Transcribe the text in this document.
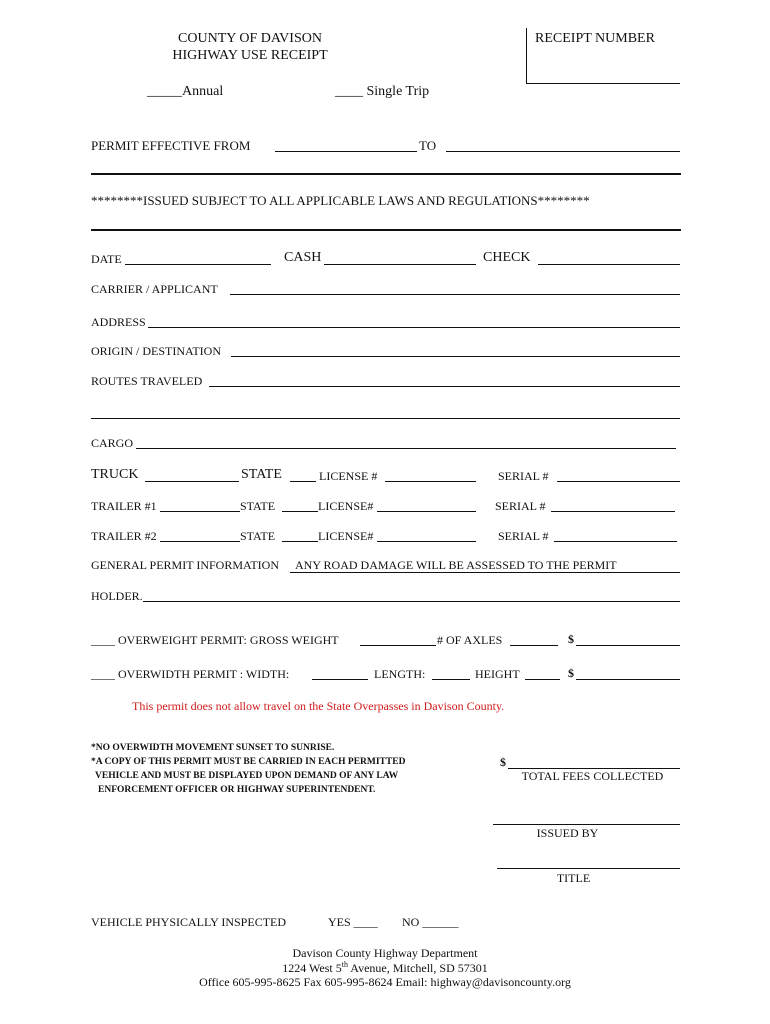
COUNTY OF DAVISON
HIGHWAY USE RECEIPT
RECEIPT NUMBER
_____Annual	____ Single Trip
PERMIT EFFECTIVE FROM	TO
********ISSUED SUBJECT TO ALL APPLICABLE LAWS AND REGULATIONS********
DATE	CASH	CHECK
CARRIER / APPLICANT
ADDRESS
ORIGIN / DESTINATION
ROUTES TRAVELED
CARGO
TRUCK	STATE	LICENSE #	SERIAL #
TRAILER #1	STATE	LICENSE#	SERIAL #
TRAILER #2	STATE	LICENSE#	SERIAL #
GENERAL PERMIT INFORMATION ANY ROAD DAMAGE WILL BE ASSESSED TO THE PERMIT
HOLDER.
____ OVERWEIGHT PERMIT: GROSS WEIGHT	# OF AXLES	$
____ OVERWIDTH PERMIT : WIDTH:	LENGTH:	HEIGHT	$
This permit does not allow travel on the State Overpasses in Davison County.
*NO OVERWIDTH MOVEMENT SUNSET TO SUNRISE.
*A COPY OF THIS PERMIT MUST BE CARRIED IN EACH PERMITTED
VEHICLE AND MUST BE DISPLAYED UPON DEMAND OF ANY LAW
ENFORCEMENT OFFICER OR HIGHWAY SUPERINTENDENT.
$
TOTAL FEES COLLECTED
ISSUED BY
TITLE
VEHICLE PHYSICALLY INSPECTED	YES ____ NO ______
Davison County Highway Department
1224 West 5th Avenue, Mitchell, SD 57301
Office 605-995-8625 Fax 605-995-8624 Email: highway@davisoncounty.org
